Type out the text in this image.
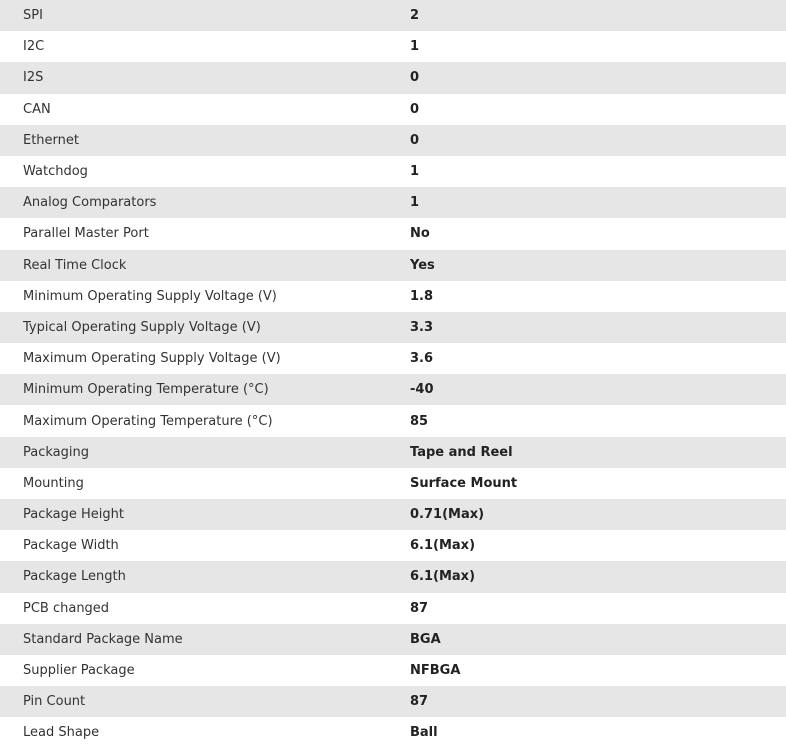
SPI	2
I2C	1
I2S	0
CAN	0
Ethernet	0
Watchdog	1
Analog Comparators	1
Parallel Master Port	No
Real Time Clock	Yes
Minimum Operating Supply Voltage (V)	1.8
Typical Operating Supply Voltage (V)	3.3
Maximum Operating Supply Voltage (V)	3.6
Minimum Operating Temperature (°C)	-40
Maximum Operating Temperature (°C)	85
Packaging	Tape and Reel
Mounting	Surface Mount
Package Height	0.71(Max)
Package Width	6.1(Max)
Package Length	6.1(Max)
PCB changed	87
Standard Package Name	BGA
Supplier Package	NFBGA
Pin Count	87
Lead Shape	Ball
